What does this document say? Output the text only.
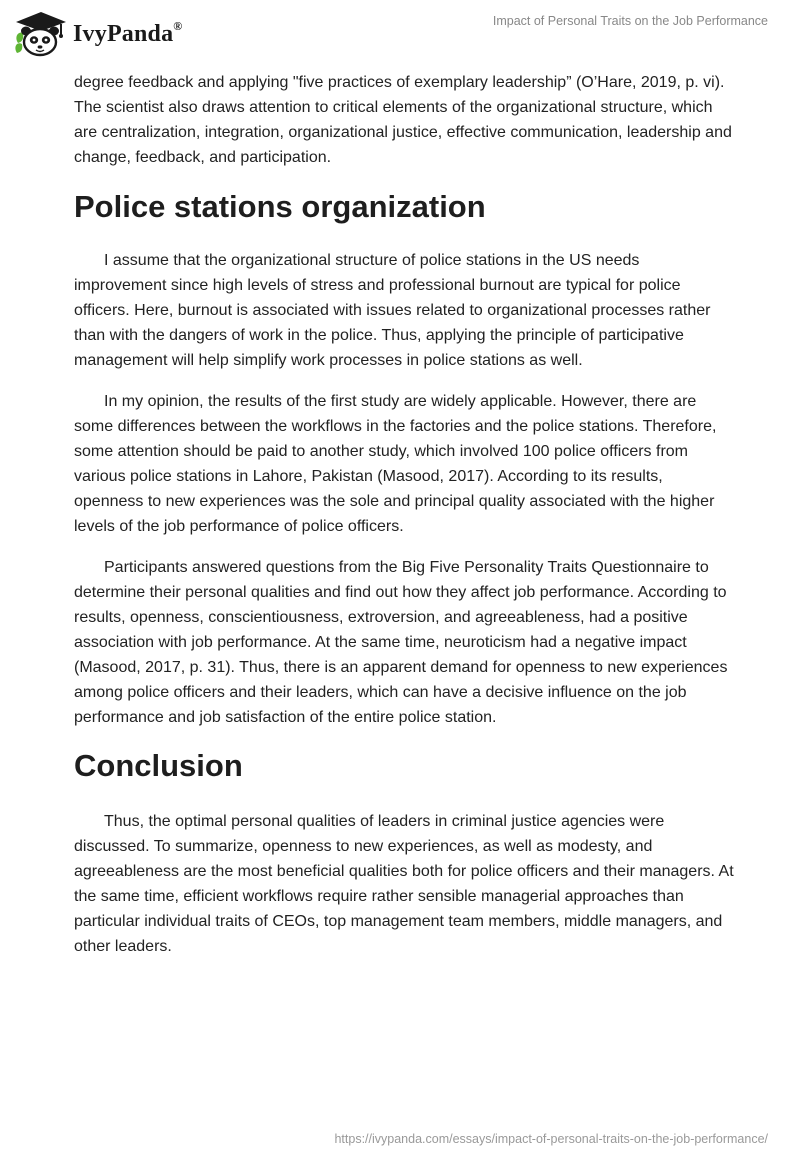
IvyPanda®	Impact of Personal Traits on the Job Performance

degree feedback and applying "five practices of exemplary leadership” (O’Hare, 2019, p. vi). The scientist also draws attention to critical elements of the organizational structure, which are centralization, integration, organizational justice, effective communication, leadership and change, feedback, and participation.

Police stations organization

I assume that the organizational structure of police stations in the US needs improvement since high levels of stress and professional burnout are typical for police officers. Here, burnout is associated with issues related to organizational processes rather than with the dangers of work in the police. Thus, applying the principle of participative management will help simplify work processes in police stations as well.

In my opinion, the results of the first study are widely applicable. However, there are some differences between the workflows in the factories and the police stations. Therefore, some attention should be paid to another study, which involved 100 police officers from various police stations in Lahore, Pakistan (Masood, 2017). According to its results, openness to new experiences was the sole and principal quality associated with the higher levels of the job performance of police officers.

Participants answered questions from the Big Five Personality Traits Questionnaire to determine their personal qualities and find out how they affect job performance. According to results, openness, conscientiousness, extroversion, and agreeableness, had a positive association with job performance. At the same time, neuroticism had a negative impact (Masood, 2017, p. 31). Thus, there is an apparent demand for openness to new experiences among police officers and their leaders, which can have a decisive influence on the job performance and job satisfaction of the entire police station.

Conclusion

Thus, the optimal personal qualities of leaders in criminal justice agencies were discussed. To summarize, openness to new experiences, as well as modesty, and agreeableness are the most beneficial qualities both for police officers and their managers. At the same time, efficient workflows require rather sensible managerial approaches than particular individual traits of CEOs, top management team members, middle managers, and other leaders.

https://ivypanda.com/essays/impact-of-personal-traits-on-the-job-performance/
